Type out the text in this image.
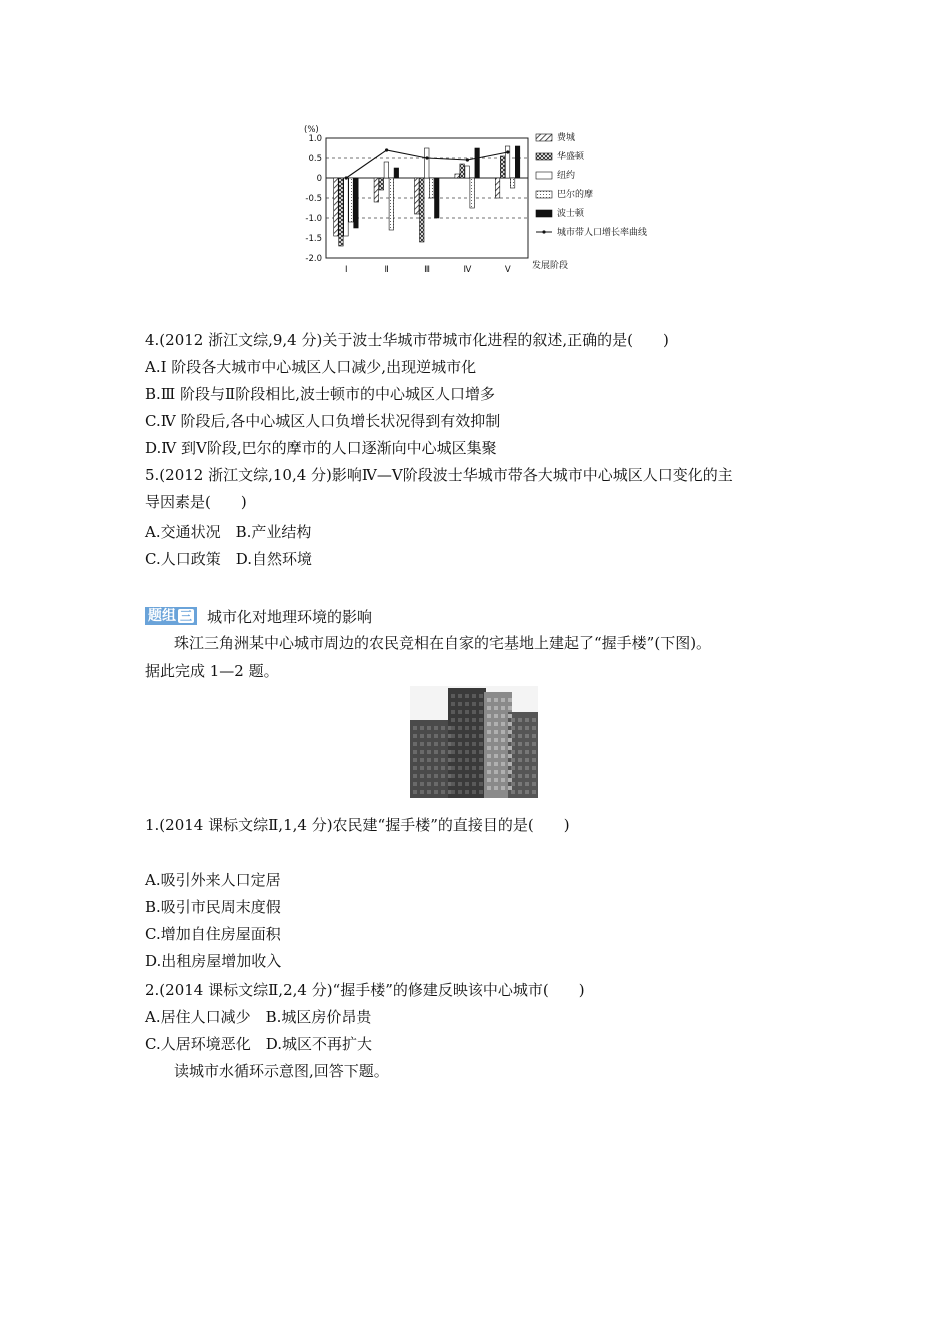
(%)
1.0
0.5
0
-0.5
-1.0
-1.5
-2.0
Ⅰ	Ⅱ	Ⅲ	Ⅳ	Ⅴ
费城
华盛顿
纽约
巴尔的摩
波士顿
城市带人口增长率曲线
发展阶段
4.(2012 浙江文综,9,4 分)关于波士华城市带城市化进程的叙述,正确的是(　　)
A.Ⅰ 阶段各大城市中心城区人口减少,出现逆城市化
B.Ⅲ 阶段与Ⅱ阶段相比,波士顿市的中心城区人口增多
C.Ⅳ 阶段后,各中心城区人口负增长状况得到有效抑制
D.Ⅳ 到Ⅴ阶段,巴尔的摩市的人口逐渐向中心城区集聚
5.(2012 浙江文综,10,4 分)影响Ⅳ—Ⅴ阶段波士华城市带各大城市中心城区人口变化的主
导因素是(　　)
A.交通状况　B.产业结构
C.人口政策　D.自然环境
题组 三 城市化对地理环境的影响
珠江三角洲某中心城市周边的农民竞相在自家的宅基地上建起了“握手楼”(下图)。
据此完成 1—2 题。
1.(2014 课标文综Ⅱ,1,4 分)农民建“握手楼”的直接目的是(　　)
A.吸引外来人口定居
B.吸引市民周末度假
C.增加自住房屋面积
D.出租房屋增加收入
2.(2014 课标文综Ⅱ,2,4 分)“握手楼”的修建反映该中心城市(　　)
A.居住人口减少　B.城区房价昂贵
C.人居环境恶化　D.城区不再扩大
读城市水循环示意图,回答下题。
